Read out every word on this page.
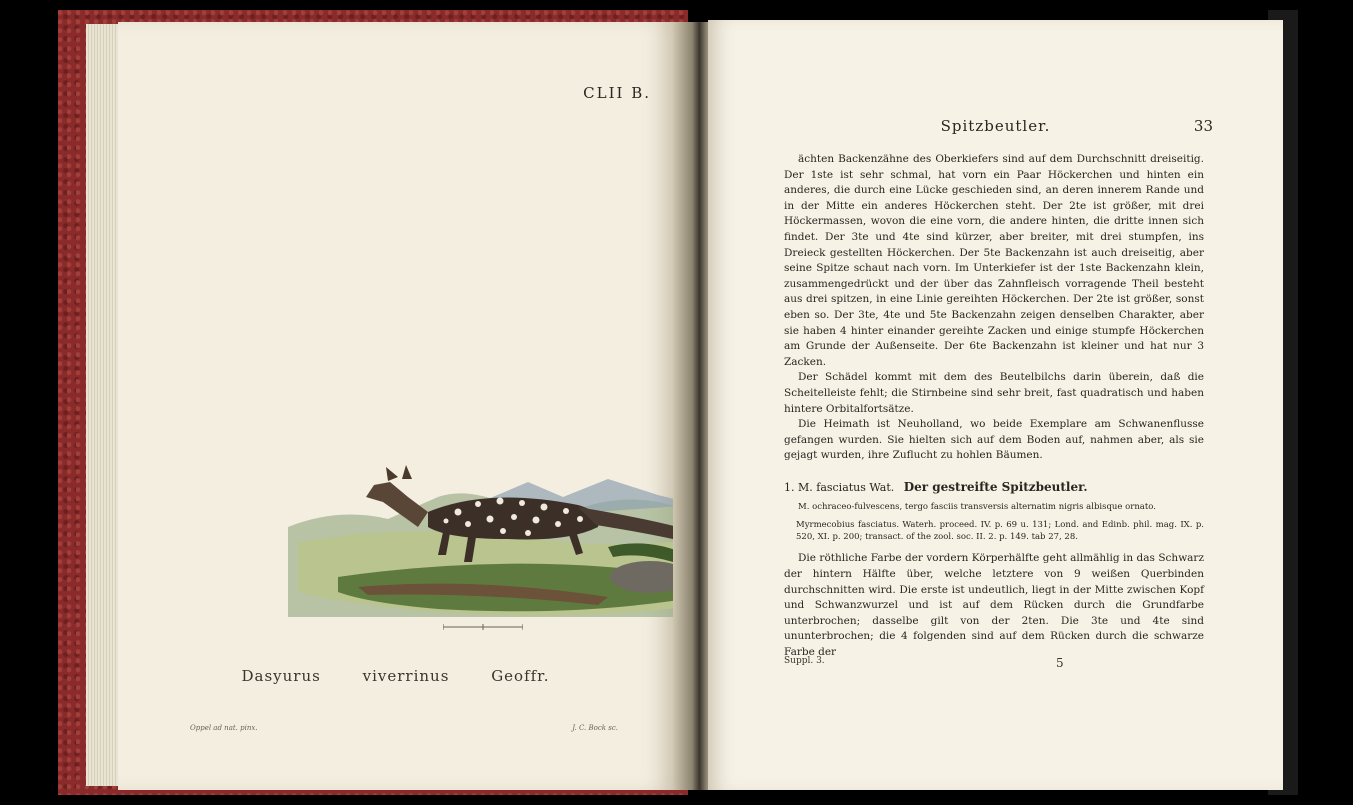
CLII B.
Dasyurus	viverrinus	Geoffr.
Oppel ad nat. pinx.	J. C. Bock sc.
Spitzbeutler.	33

ächten Backenzähne des Oberkiefers sind auf dem Durchschnitt dreiseitig. Der 1ste ist sehr schmal, hat vorn ein Paar Höckerchen und hinten ein anderes, die durch eine Lücke geschieden sind, an deren innerem Rande und in der Mitte ein anderes Höckerchen steht. Der 2te ist größer, mit drei Höckermassen, wovon die eine vorn, die andere hinten, die dritte innen sich findet. Der 3te und 4te sind kürzer, aber breiter, mit drei stumpfen, ins Dreieck gestellten Höckerchen. Der 5te Backenzahn ist auch dreiseitig, aber seine Spitze schaut nach vorn. Im Unterkiefer ist der 1ste Backenzahn klein, zusammengedrückt und der über das Zahnfleisch vorragende Theil besteht aus drei spitzen, in eine Linie gereihten Höckerchen. Der 2te ist größer, sonst eben so. Der 3te, 4te und 5te Backenzahn zeigen denselben Charakter, aber sie haben 4 hinter einander gereihte Zacken und einige stumpfe Höckerchen am Grunde der Außenseite. Der 6te Backenzahn ist kleiner und hat nur 3 Zacken.

Der Schädel kommt mit dem des Beutelbilchs darin überein, daß die Scheitelleiste fehlt; die Stirnbeine sind sehr breit, fast quadratisch und haben hintere Orbitalfortsätze.

Die Heimath ist Neuholland, wo beide Exemplare am Schwanenflusse gefangen wurden. Sie hielten sich auf dem Boden auf, nahmen aber, als sie gejagt wurden, ihre Zuflucht zu hohlen Bäumen.

1. M. fasciatus Wat. Der gestreifte Spitzbeutler.

M. ochraceo-fulvescens, tergo fasciis transversis alternatim nigris albisque ornato.

Myrmecobius fasciatus. Waterh. proceed. IV. p. 69 u. 131; Lond. and Edinb. phil. mag. IX. p. 520, XI. p. 200; transact. of the zool. soc. II. 2. p. 149. tab 27, 28.

Die röthliche Farbe der vordern Körperhälfte geht allmählig in das Schwarz der hintern Hälfte über, welche letztere von 9 weißen Querbinden durchschnitten wird. Die erste ist undeutlich, liegt in der Mitte zwischen Kopf und Schwanzwurzel und ist auf dem Rücken durch die Grundfarbe unterbrochen; dasselbe gilt von der 2ten. Die 3te und 4te sind ununterbrochen; die 4 folgenden sind auf dem Rücken durch die schwarze Farbe der

Suppl. 3.	5
